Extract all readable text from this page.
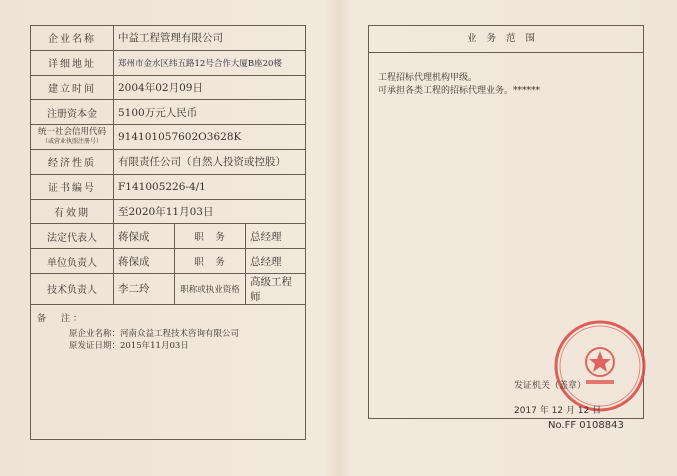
企业名称	中益工程管理有限公司		
详细地址	郑州市金水区纬五路12号合作大厦B座20楼		
建立时间	2004年02月09日		
注册资本金	5100万元人民币		
统一社会信用代码
（或营业执照注册号）	914101057602O3628K		
经济性质	有限责任公司（自然人投资或控股）		
证书编号	F141005226-4/1		
有效期	至2020年11月03日		
法定代表人	蒋保成	职　务	总经理
单位负责人	蒋保成	职　务	总经理
技术负责人	李二玲	职称或执业资格	高级工程师

备　注：
原企业名称：河南众益工程技术咨询有限公司
原发证日期：2015年11月03日			
业务范围
工程招标代理机构甲级。
可承担各类工程的招标代理业务。******
发证机关（盖章）
2017 年 12 月 12 日
No.FF 0108843
